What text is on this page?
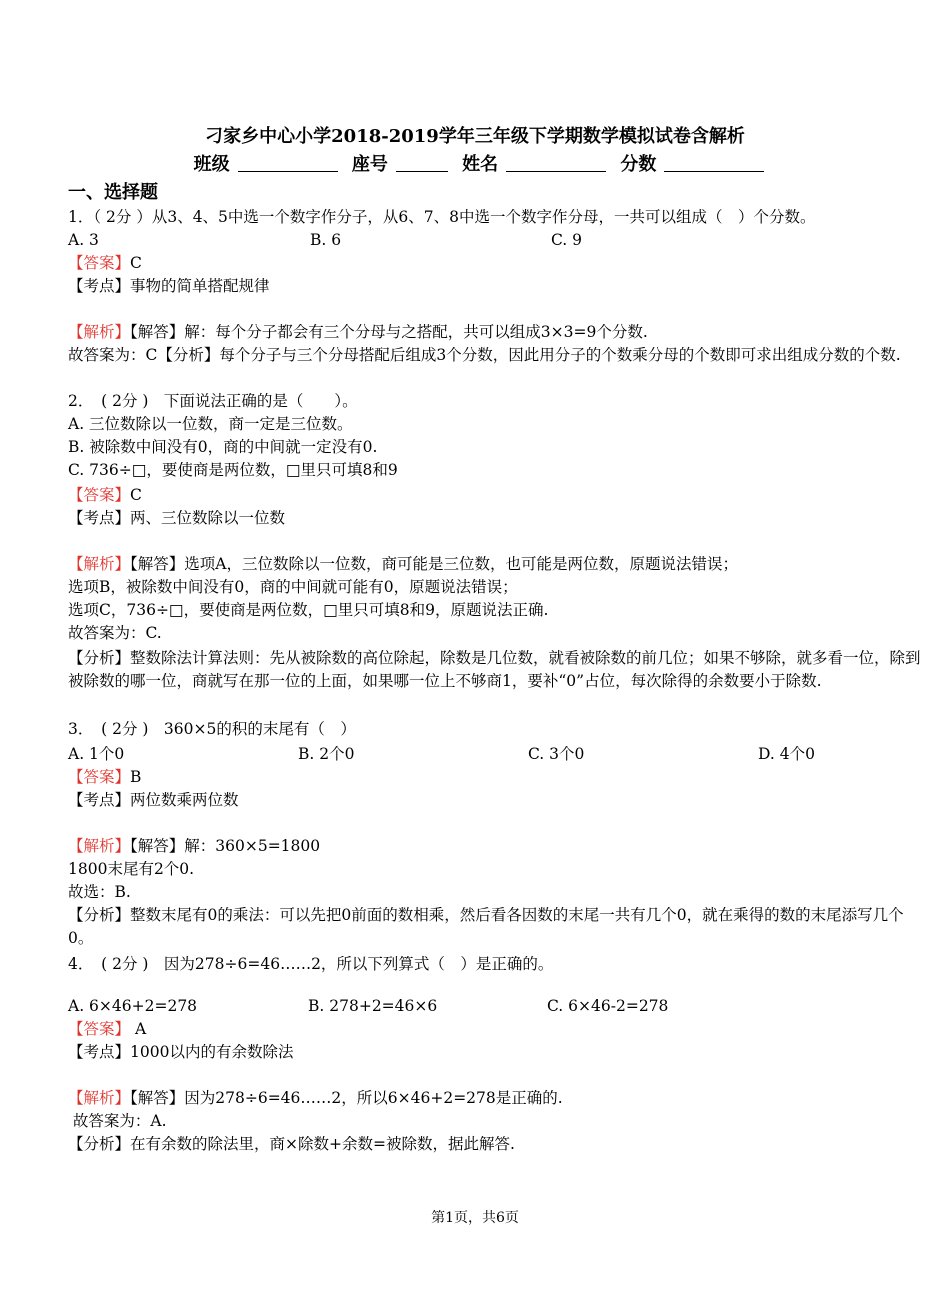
刁家乡中心小学2018-2019学年三年级下学期数学模拟试卷含解析
班级	座号	姓名	分数
一、选择题
1．（ 2分 ）从3、4、5中选一个数字作分子，从6、7、8中选一个数字作分母，一共可以组成（　）个分数。
A. 3	B. 6	C. 9
【答案】C
【考点】事物的简单搭配规律
【解析】【解答】解：每个分子都会有三个分母与之搭配，共可以组成3×3=9个分数.
故答案为：C【分析】每个分子与三个分母搭配后组成3个分数，因此用分子的个数乘分母的个数即可求出组成分数的个数.
2．　( 2分 )　下面说法正确的是（　　）。
A. 三位数除以一位数，商一定是三位数。
B. 被除数中间没有0，商的中间就一定没有0.
C. 736÷□，要使商是两位数，□里只可填8和9
【答案】C
【考点】两、三位数除以一位数
【解析】【解答】选项A，三位数除以一位数，商可能是三位数，也可能是两位数，原题说法错误；
选项B，被除数中间没有0，商的中间就可能有0，原题说法错误；
选项C，736÷□，要使商是两位数，□里只可填8和9，原题说法正确.
故答案为：C.
【分析】整数除法计算法则：先从被除数的高位除起，除数是几位数，就看被除数的前几位；如果不够除，就多看一位，除到被除数的哪一位，商就写在那一位的上面，如果哪一位上不够商1，要补“0”占位，每次除得的余数要小于除数.
3．　( 2分 )　360×5的积的末尾有（　）
A. 1个0	B. 2个0	C. 3个0	D. 4个0
【答案】B
【考点】两位数乘两位数
【解析】【解答】解：360×5=1800
1800末尾有2个0.
故选：B.
【分析】整数末尾有0的乘法：可以先把0前面的数相乘，然后看各因数的末尾一共有几个0，就在乘得的数的末尾添写几个0。
4．　( 2分 )　因为278÷6=46……2，所以下列算式（　）是正确的。
A. 6×46+2=278	B. 278+2=46×6	C. 6×46-2=278
【答案】 A
【考点】1000以内的有余数除法
【解析】【解答】因为278÷6=46……2，所以6×46+2=278是正确的.
故答案为：A.
【分析】在有余数的除法里，商×除数+余数=被除数，据此解答.
第1页，共6页
